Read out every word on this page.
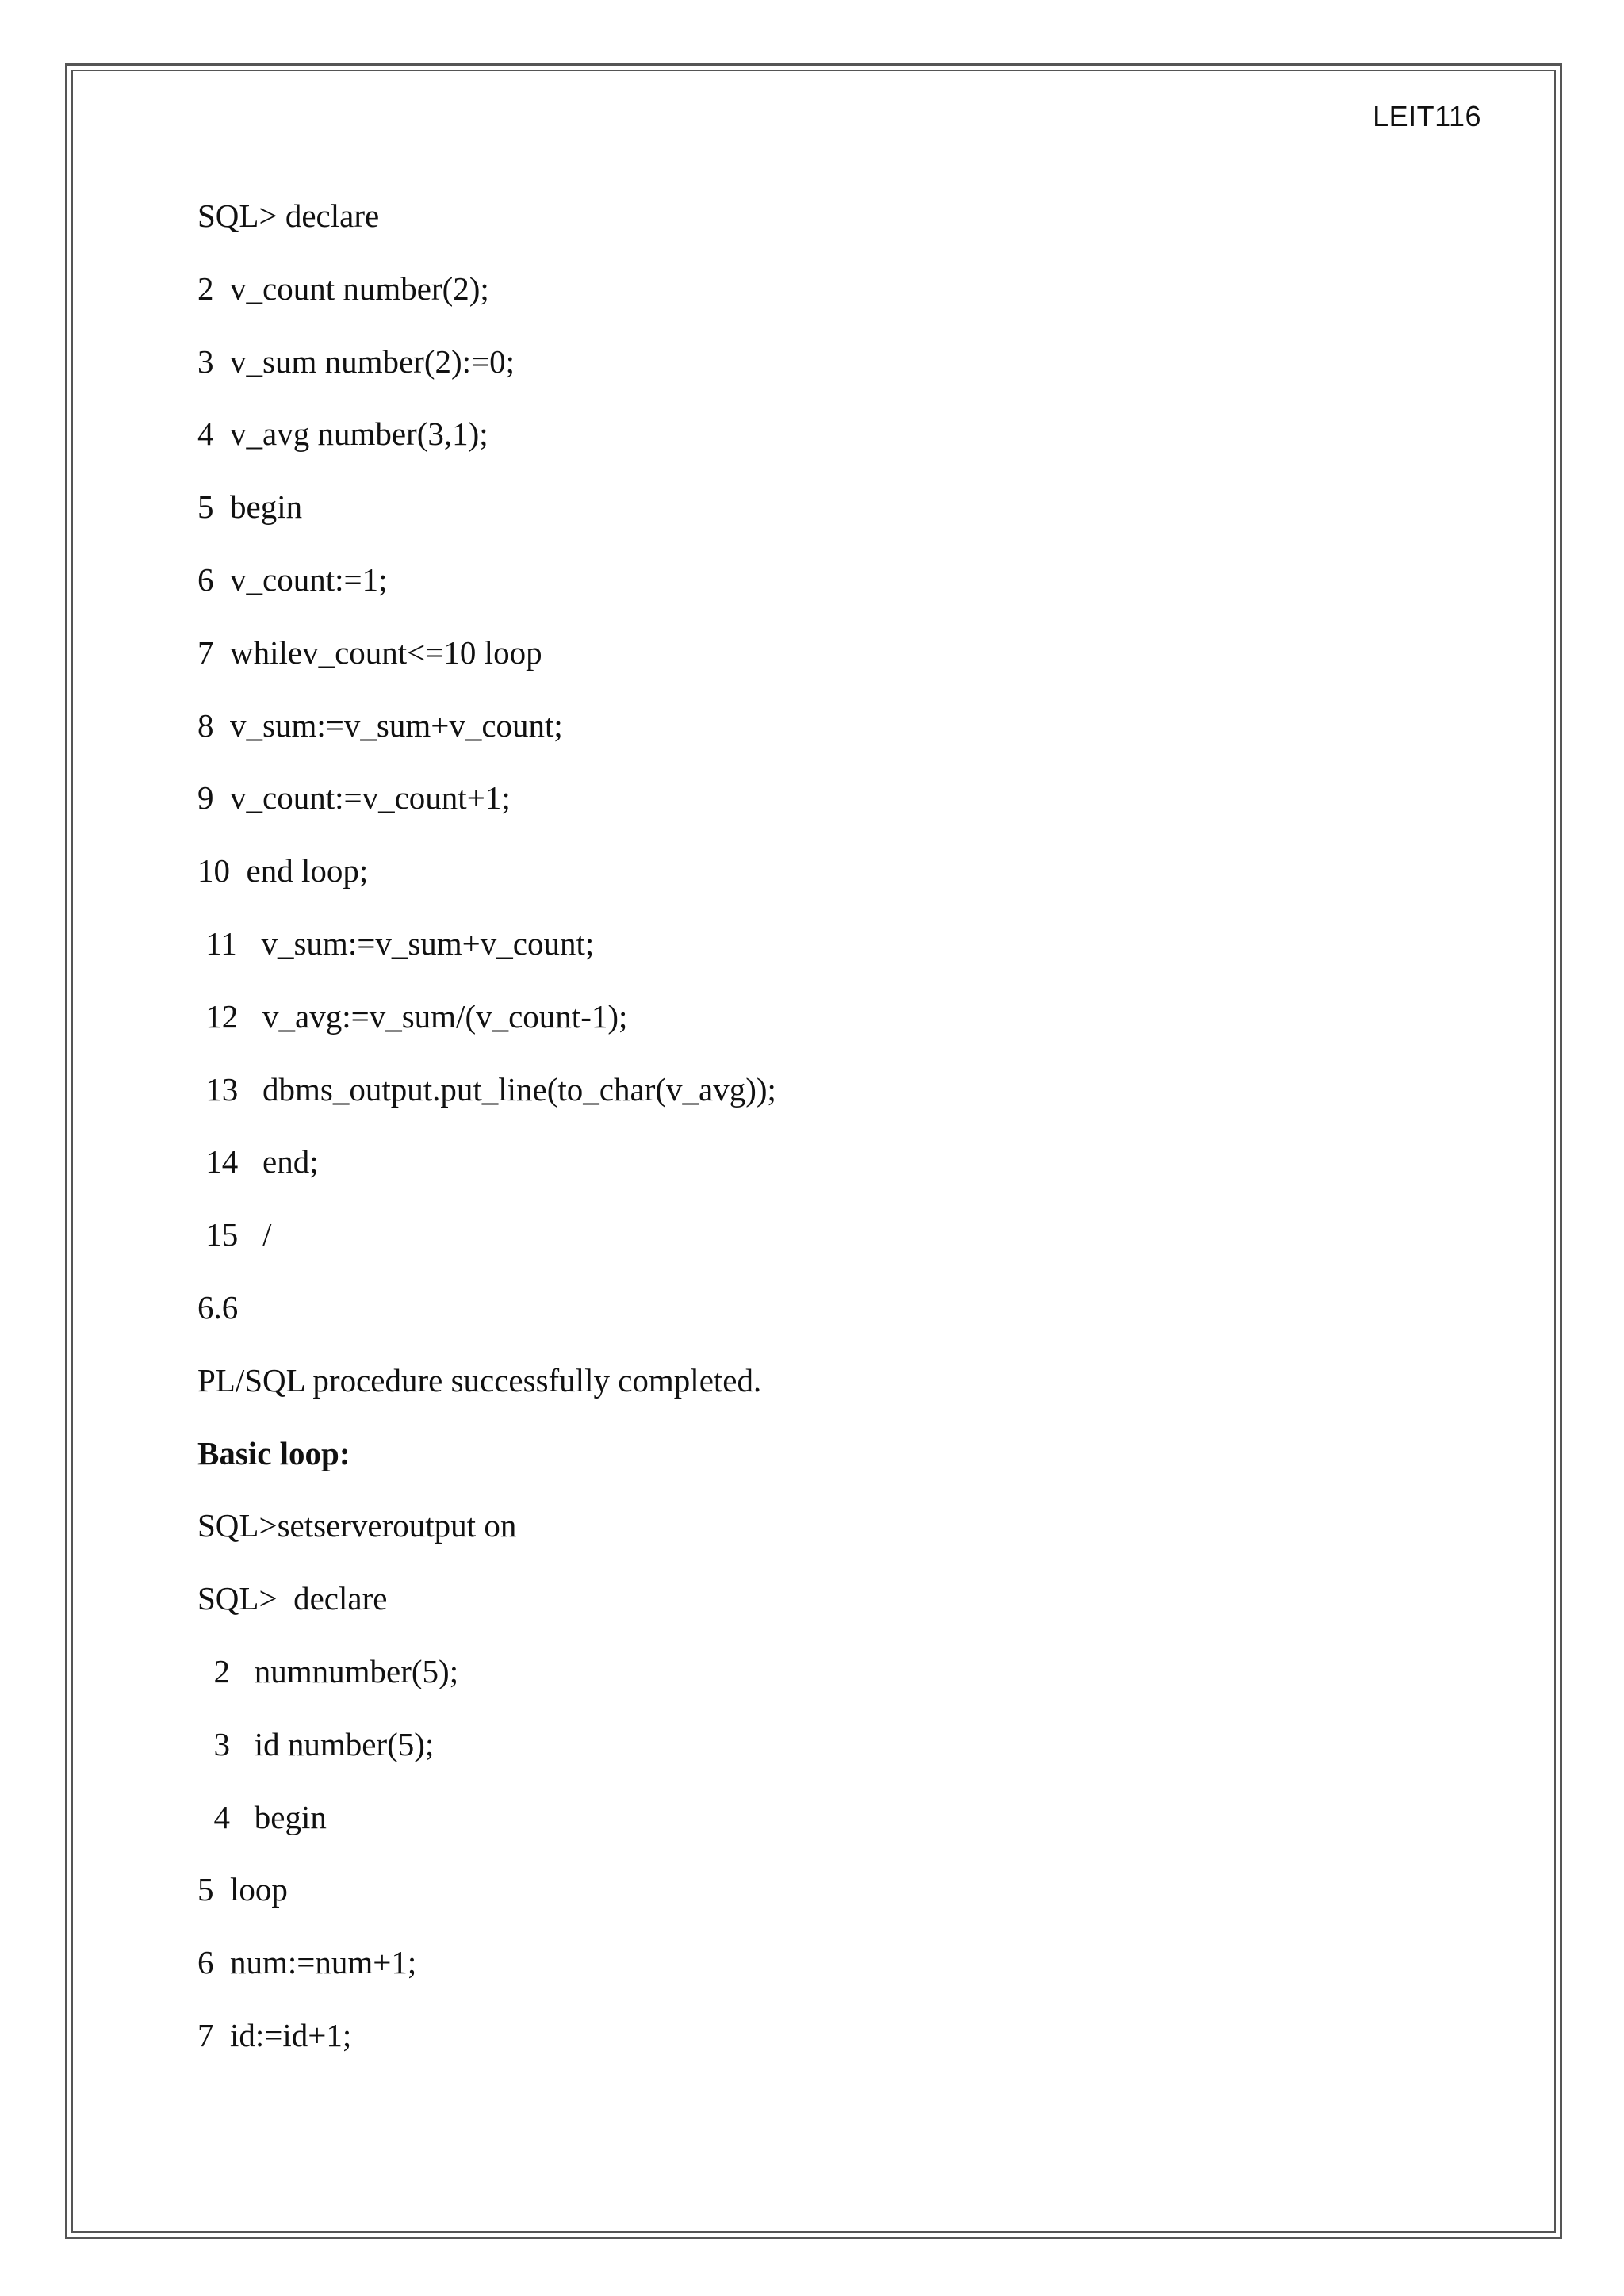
LEIT116
SQL> declare
2  v_count number(2);
3  v_sum number(2):=0;
4  v_avg number(3,1);
5  begin
6  v_count:=1;
7  whilev_count<=10 loop
8  v_sum:=v_sum+v_count;
9  v_count:=v_count+1;
10  end loop;
11   v_sum:=v_sum+v_count;
12   v_avg:=v_sum/(v_count-1);
13   dbms_output.put_line(to_char(v_avg));
14   end;
15   /
6.6
PL/SQL procedure successfully completed.
Basic loop:
SQL>setserveroutput on
SQL>  declare
2   numnumber(5);
3   id number(5);
4   begin
5  loop
6  num:=num+1;
7  id:=id+1;
